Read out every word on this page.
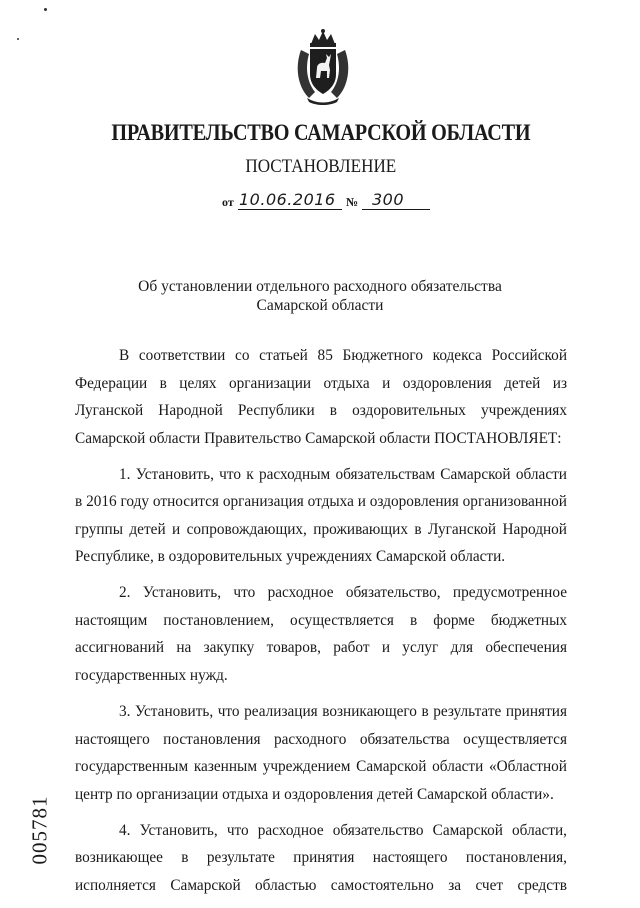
ПРАВИТЕЛЬСТВО САМАРСКОЙ ОБЛАСТИ
ПОСТАНОВЛЕНИЕ
от 10.06.2016 № 300
Об установлении отдельного расходного обязательства
Самарской области

В соответствии со статьей 85 Бюджетного кодекса Российской
Федерации в целях организации отдыха и оздоровления детей из
Луганской Народной Республики в оздоровительных учреждениях
Самарской области Правительство Самарской области ПОСТАНОВЛЯЕТ:

1. Установить, что к расходным обязательствам Самарской области
в 2016 году относится организация отдыха и оздоровления организованной
группы детей и сопровождающих, проживающих в Луганской Народной
Республике, в оздоровительных учреждениях Самарской области.

2. Установить, что расходное обязательство, предусмотренное
настоящим постановлением, осуществляется в форме бюджетных
ассигнований на закупку товаров, работ и услуг для обеспечения
государственных нужд.

3. Установить, что реализация возникающего в результате принятия
настоящего постановления расходного обязательства осуществляется
государственным казенным учреждением Самарской области «Областной
центр по организации отдыха и оздоровления детей Самарской области».

4. Установить, что расходное обязательство Самарской области,
возникающее в результате принятия настоящего постановления,
исполняется Самарской областью самостоятельно за счет средств

005781
